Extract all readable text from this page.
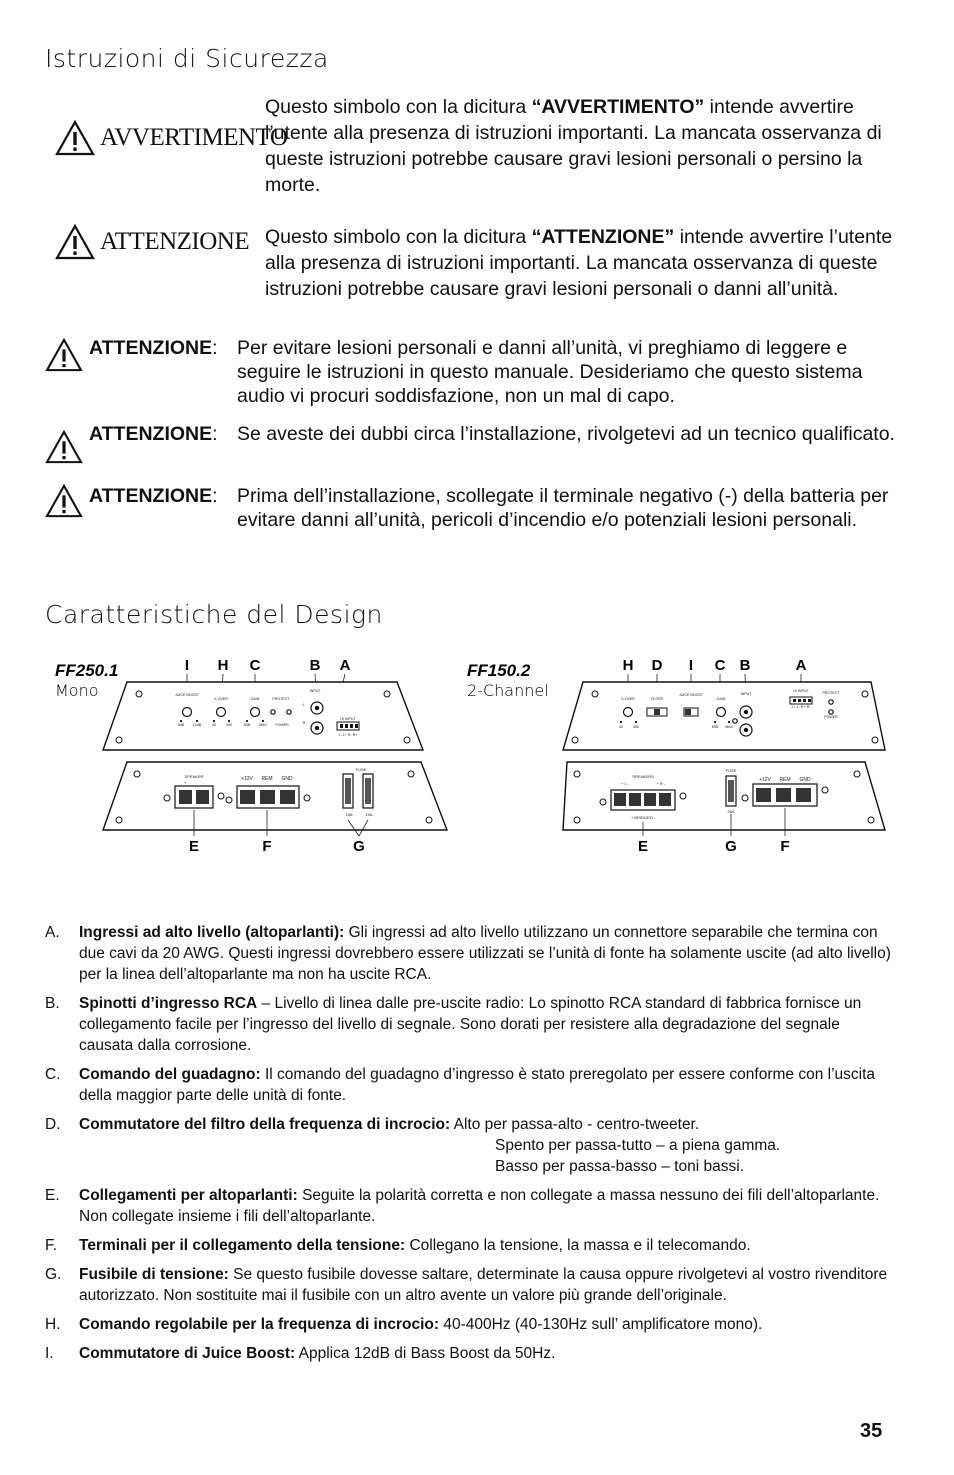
Istruzioni di Sicurezza
AVVERTIMENTO
Questo simbolo con la dicitura “AVVERTIMENTO” intende avvertire l’utente alla presenza di istruzioni importanti. La mancata osservanza di queste istruzioni potrebbe causare gravi lesioni personali o persino la morte.
ATTENZIONE Questo simbolo con la dicitura “ATTENZIONE” intende avvertire l’utente alla presenza di istruzioni importanti. La mancata osservanza di queste istruzioni potrebbe causare gravi lesioni personali o danni all’unità.
ATTENZIONE: Per evitare lesioni personali e danni all’unità, vi preghiamo di leggere e seguire le istruzioni in questo manuale. Desideriamo che questo sistema audio vi procuri soddisfazione, non un mal di capo.
ATTENZIONE: Se aveste dei dubbi circa l’installazione, rivolgetevi ad un tecnico qualificato.
ATTENZIONE: Prima dell’installazione, scollegate il terminale negativo (-) della batteria per evitare danni all’unità, pericoli d’incendio e/o potenziali lesioni personali.
Caratteristiche del Design
FF250.1
Mono
I H C	B A
JUICE BOOST
X-OVER	GAIN	PROTECT
INPUT
0dB 12dB	40	200	MIN MAX POWER
L
R
HI INPUT
L- L+ R- R+
SPEAKER
+	-
+12V REM GND
FUSE
15A	15A
E	F	G
FF150.2
2-Channel
H D I C B	A
X-OVER	FILTER
JUICE BOOST
GAIN
INPUT
HI INPUT
L+ L- R+ R-
PROTECT
POWER
40	400	MIN MAX
SPEAKERS
+ L -	+ R -
+ BRIDGED -
FUSE
25A
+12V REM GND
E	G	F
A. Ingressi ad alto livello (altoparlanti): Gli ingressi ad alto livello utilizzano un connettore separabile che termina con due cavi da 20 AWG. Questi ingressi dovrebbero essere utilizzati se l’unità di fonte ha solamente uscite (ad alto livello) per la linea dell’altoparlante ma non ha uscite RCA.
B. Spinotti d’ingresso RCA – Livello di linea dalle pre-uscite radio: Lo spinotto RCA standard di fabbrica fornisce un collegamento facile per l’ingresso del livello di segnale. Sono dorati per resistere alla degradazione del segnale causata dalla corrosione.
C. Comando del guadagno: Il comando del guadagno d’ingresso è stato preregolato per essere conforme con l’uscita della maggior parte delle unità di fonte.
D. Commutatore del filtro della frequenza di incrocio: Alto per passa-alto - centro-tweeter.
Spento per passa-tutto – a piena gamma.
Basso per passa-basso – toni bassi.
E. Collegamenti per altoparlanti: Seguite la polarità corretta e non collegate a massa nessuno dei fili dell’altoparlante. Non collegate insieme i fili dell’altoparlante.
F. Terminali per il collegamento della tensione: Collegano la tensione, la massa e il telecomando.
G. Fusibile di tensione: Se questo fusibile dovesse saltare, determinate la causa oppure rivolgetevi al vostro rivenditore autorizzato. Non sostituite mai il fusibile con un altro avente un valore più grande dell’originale.
H. Comando regolabile per la frequenza di incrocio: 40-400Hz (40-130Hz sull’ amplificatore mono).
I. Commutatore di Juice Boost: Applica 12dB di Bass Boost da 50Hz.
35
